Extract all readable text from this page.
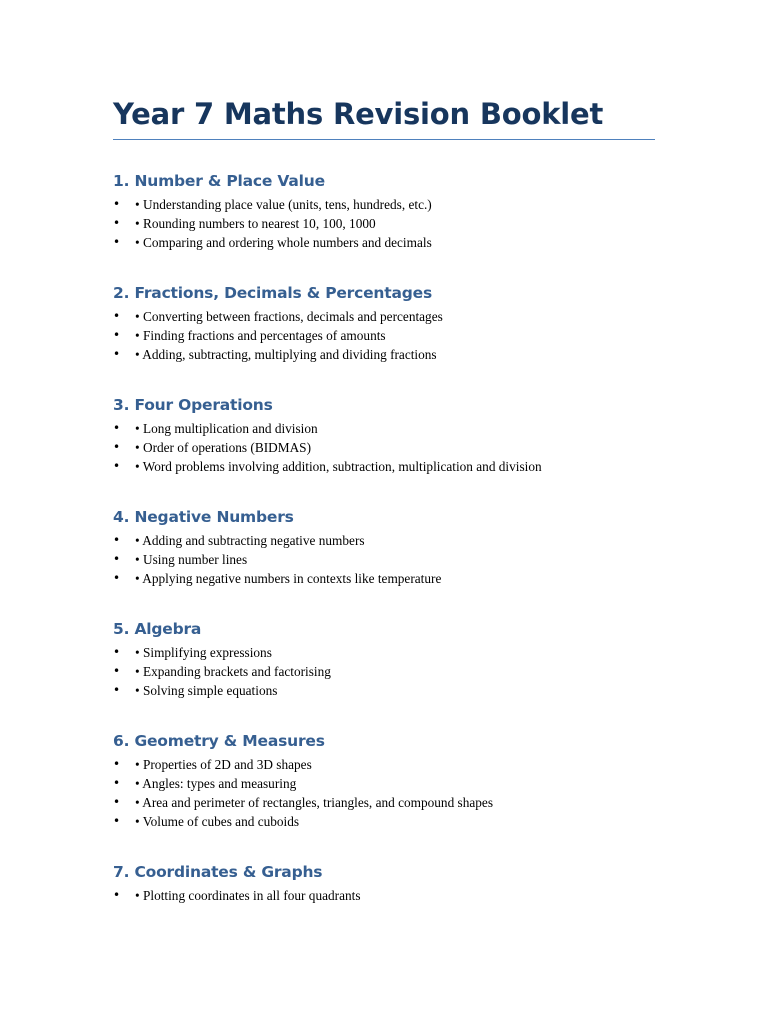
Year 7 Maths Revision Booklet
1. Number & Place Value
• • Understanding place value (units, tens, hundreds, etc.)
• • Rounding numbers to nearest 10, 100, 1000
• • Comparing and ordering whole numbers and decimals
2. Fractions, Decimals & Percentages
• • Converting between fractions, decimals and percentages
• • Finding fractions and percentages of amounts
• • Adding, subtracting, multiplying and dividing fractions
3. Four Operations
• • Long multiplication and division
• • Order of operations (BIDMAS)
• • Word problems involving addition, subtraction, multiplication and division
4. Negative Numbers
• • Adding and subtracting negative numbers
• • Using number lines
• • Applying negative numbers in contexts like temperature
5. Algebra
• • Simplifying expressions
• • Expanding brackets and factorising
• • Solving simple equations
6. Geometry & Measures
• • Properties of 2D and 3D shapes
• • Angles: types and measuring
• • Area and perimeter of rectangles, triangles, and compound shapes
• • Volume of cubes and cuboids
7. Coordinates & Graphs
• • Plotting coordinates in all four quadrants
